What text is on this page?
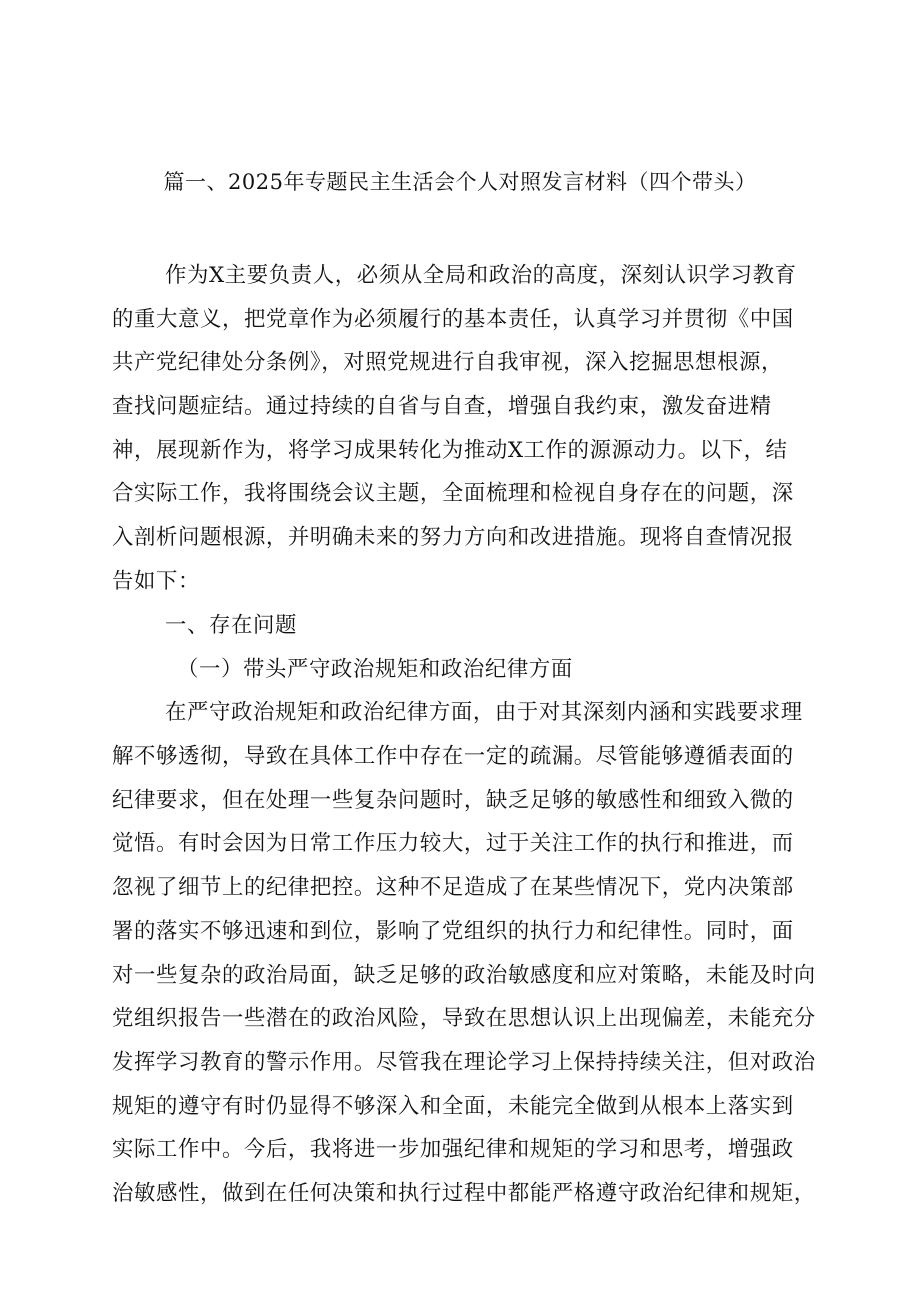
篇一、2025年专题民主生活会个人对照发言材料（四个带头）
作为X主要负责人，必须从全局和政治的高度，深刻认识学习教育
的重大意义，把党章作为必须履行的基本责任，认真学习并贯彻《中国
共产党纪律处分条例》，对照党规进行自我审视，深入挖掘思想根源，
查找问题症结。通过持续的自省与自查，增强自我约束，激发奋进精
神，展现新作为，将学习成果转化为推动X工作的源源动力。以下，结
合实际工作，我将围绕会议主题，全面梳理和检视自身存在的问题，深
入剖析问题根源，并明确未来的努力方向和改进措施。现将自查情况报
告如下：
一、存在问题
（一）带头严守政治规矩和政治纪律方面
在严守政治规矩和政治纪律方面，由于对其深刻内涵和实践要求理
解不够透彻，导致在具体工作中存在一定的疏漏。尽管能够遵循表面的
纪律要求，但在处理一些复杂问题时，缺乏足够的敏感性和细致入微的
觉悟。有时会因为日常工作压力较大，过于关注工作的执行和推进，而
忽视了细节上的纪律把控。这种不足造成了在某些情况下，党内决策部
署的落实不够迅速和到位，影响了党组织的执行力和纪律性。同时，面
对一些复杂的政治局面，缺乏足够的政治敏感度和应对策略，未能及时向
党组织报告一些潜在的政治风险，导致在思想认识上出现偏差，未能充分
发挥学习教育的警示作用。尽管我在理论学习上保持持续关注，但对政治
规矩的遵守有时仍显得不够深入和全面，未能完全做到从根本上落实到
实际工作中。今后，我将进一步加强纪律和规矩的学习和思考，增强政
治敏感性，做到在任何决策和执行过程中都能严格遵守政治纪律和规矩，
